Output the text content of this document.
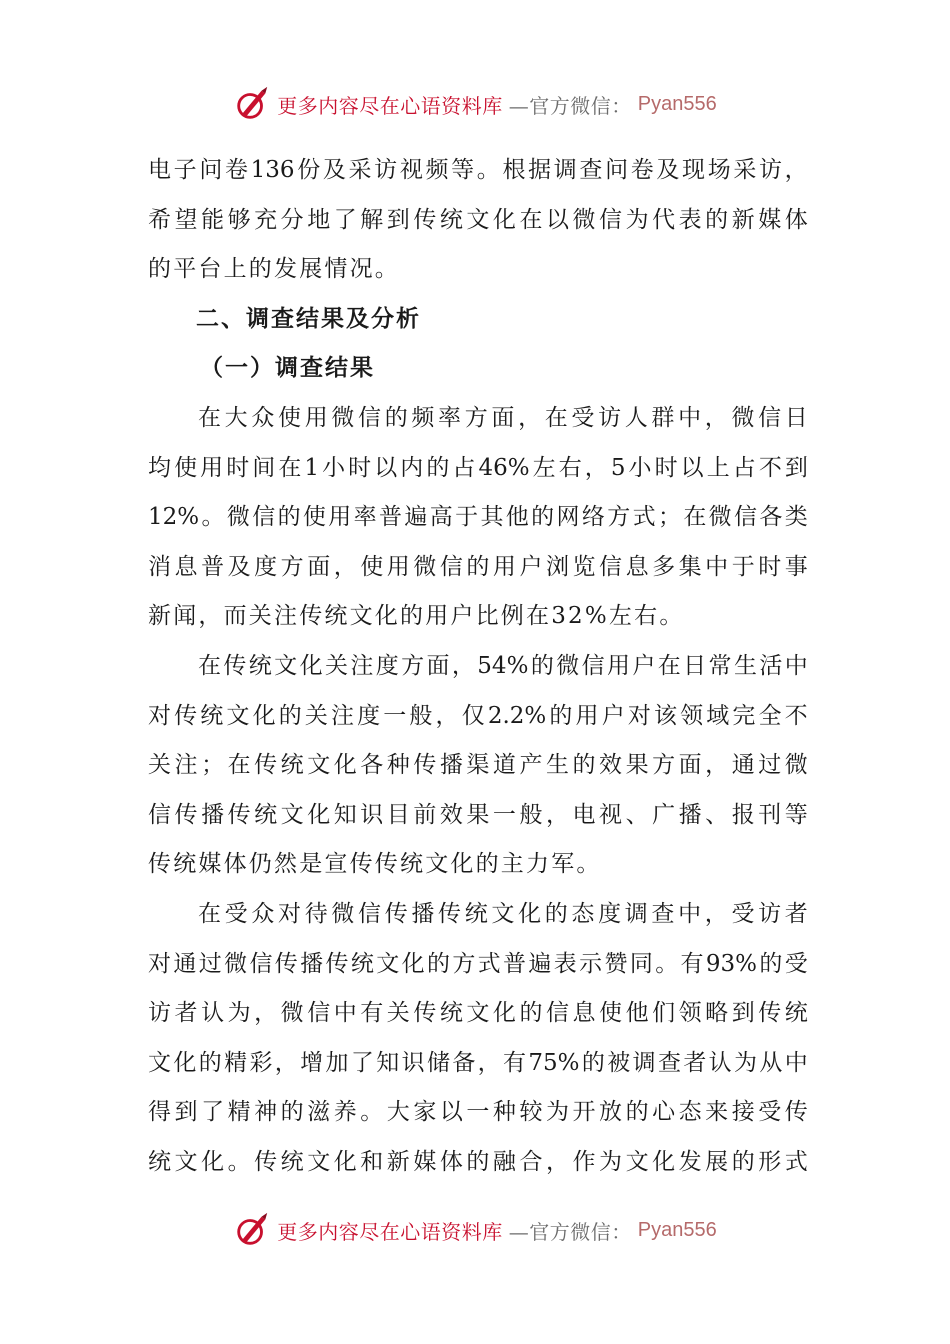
更多内容尽在心语资料库 —官方微信： Pyan556
电 子 问 卷 136 份 及 采 访 视 频 等 。 根 据 调 查 问 卷 及 现 场 采 访 ，
希 望 能 够 充 分 地 了 解 到 传 统 文 化 在 以 微 信 为 代 表 的 新 媒 体
的平台上的发展情况。
二、调查结果及分析
（一）调查结果
在 大 众 使 用 微 信 的 频 率 方 面 ， 在 受 访 人 群 中 ， 微 信 日
均 使 用 时 间 在 1 小 时 以 内 的 占 46% 左 右 ， 5 小 时 以 上 占 不 到
12% 。 微 信 的 使 用 率 普 遍 高 于 其 他 的 网 络 方 式 ； 在 微 信 各 类
消 息 普 及 度 方 面 ， 使 用 微 信 的 用 户 浏 览 信 息 多 集 中 于 时 事
新闻，而关注传统文化的用户比例在32%左右。
在 传 统 文 化 关 注 度 方 面 ， 54% 的 微 信 用 户 在 日 常 生 活 中
对 传 统 文 化 的 关 注 度 一 般 ， 仅 2.2% 的 用 户 对 该 领 域 完 全 不
关 注 ； 在 传 统 文 化 各 种 传 播 渠 道 产 生 的 效 果 方 面 ， 通 过 微
信 传 播 传 统 文 化 知 识 目 前 效 果 一 般 ， 电 视 、 广 播 、 报 刊 等
传统媒体仍然是宣传传统文化的主力军。
在 受 众 对 待 微 信 传 播 传 统 文 化 的 态 度 调 查 中 ， 受 访 者
对 通 过 微 信 传 播 传 统 文 化 的 方 式 普 遍 表 示 赞 同 。 有 93% 的 受
访 者 认 为 ， 微 信 中 有 关 传 统 文 化 的 信 息 使 他 们 领 略 到 传 统
文 化 的 精 彩 ， 增 加 了 知 识 储 备 ， 有 75% 的 被 调 查 者 认 为 从 中
得 到 了 精 神 的 滋 养 。 大 家 以 一 种 较 为 开 放 的 心 态 来 接 受 传
统 文 化 。 传 统 文 化 和 新 媒 体 的 融 合 ， 作 为 文 化 发 展 的 形 式
更多内容尽在心语资料库 —官方微信： Pyan556
